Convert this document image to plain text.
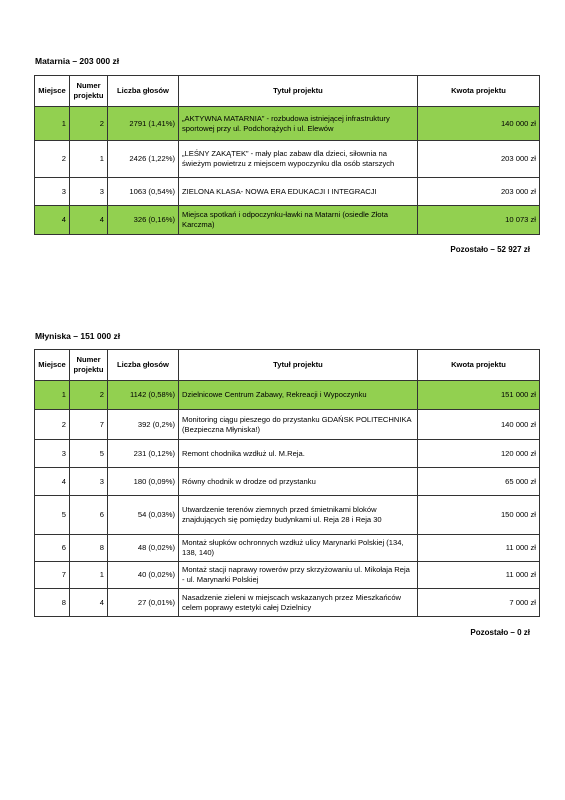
Matarnia – 203 000 zł
Miejsce	Numer projektu	Liczba głosów	Tytuł projektu	Kwota projektu
1	2	2791 (1,41%)	„AKTYWNA MATARNIA” - rozbudowa istniejącej infrastruktury sportowej przy ul. Podchorążych i ul. Elewów	140 000 zł
2	1	2426 (1,22%)	„LEŚNY ZAKĄTEK” - mały plac zabaw dla dzieci, siłownia na świeżym powietrzu z miejscem wypoczynku dla osób starszych	203 000 zł
3	3	1063 (0,54%)	ZIELONA KLASA- NOWA ERA EDUKACJI I INTEGRACJI	203 000 zł
4	4	326 (0,16%)	Miejsca spotkań i odpoczynku-ławki na Matarni (osiedle Złota Karczma)	10 073 zł
Pozostało – 52 927 zł
Młyniska – 151 000 zł
Miejsce	Numer projektu	Liczba głosów	Tytuł projektu	Kwota projektu
1	2	1142 (0,58%)	Dzielnicowe Centrum Zabawy, Rekreacji i Wypoczynku	151 000 zł
2	7	392 (0,2%)	Monitoring ciągu pieszego do przystanku GDAŃSK POLITECHNIKA (Bezpieczna Młyniska!)	140 000 zł
3	5	231 (0,12%)	Remont chodnika wzdłuż ul. M.Reja.	120 000 zł
4	3	180 (0,09%)	Równy chodnik w drodze od przystanku	65 000 zł
5	6	54 (0,03%)	Utwardzenie terenów ziemnych przed śmietnikami bloków znajdujących się pomiędzy budynkami ul. Reja 28 i Reja 30	150 000 zł
6	8	48 (0,02%)	Montaż słupków ochronnych wzdłuż ulicy Marynarki Polskiej (134, 138, 140)	11 000 zł
7	1	40 (0,02%)	Montaż stacji naprawy rowerów przy skrzyżowaniu ul. Mikołaja Reja - ul. Marynarki Polskiej	11 000 zł
8	4	27 (0,01%)	Nasadzenie zieleni w miejscach wskazanych przez Mieszkańców celem poprawy estetyki całej Dzielnicy	7 000 zł
Pozostało – 0 zł
